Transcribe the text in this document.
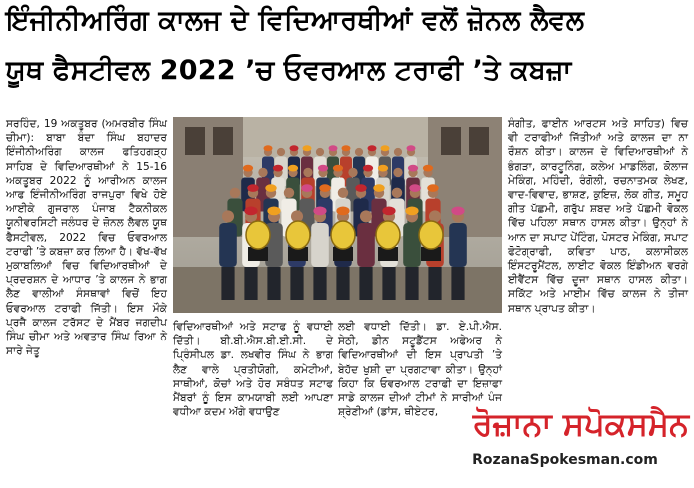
ਇੰਜੀਨੀਅਰਿੰਗ ਕਾਲਜ ਦੇ ਵਿਦਿਆਰਥੀਆਂ ਵਲੋਂ ਜ਼ੋਨਲ ਲੈਵਲ
ਯੂਥ ਫੈਸਟੀਵਲ 2022 ’ਚ ਓਵਰਆਲ ਟਰਾਫੀ ’ਤੇ ਕਬਜ਼ਾ

ਸਰਹਿੰਦ, 19 ਅਕਤੂਬਰ (ਅਮਰਬੀਰ ਸਿੰਘ ਚੀਮਾ): ਬਾਬਾ ਬੰਦਾ ਸਿੰਘ ਬਹਾਦਰ ਇੰਜੀਨੀਅਰਿੰਗ ਕਾਲਜ ਫਤਿਹਗੜ੍ਹ ਸਾਹਿਬ ਦੇ ਵਿਦਿਆਰਥੀਆਂ ਨੇ 15-16 ਅਕਤੂਬਰ 2022 ਨੂੰ ਆਰੀਅਨ ਕਾਲਜ ਆਫ ਇੰਜੀਨੀਅਰਿੰਗ ਰਾਜਪੁਰਾ ਵਿਖੇ ਹੋਏ ਆਈਕੇ ਗੁਜਰਾਲ ਪੰਜਾਬ ਟੈਕਨੀਕਲ ਯੂਨੀਵਰਸਿਟੀ ਜਲੰਧਰ ਦੇ ਜ਼ੋਨਲ ਲੈਵਲ ਯੂਥ ਫੈਸਟੀਵਲ, 2022 ਵਿਚ ਓਵਰਆਲ ਟਰਾਫੀ ’ਤੇ ਕਬਜ਼ਾ ਕਰ ਲਿਆ ਹੈ। ਵੱਖ-ਵੱਖ ਮੁਕਾਬਲਿਆਂ ਵਿਚ ਵਿਦਿਆਰਥੀਆਂ ਦੇ ਪ੍ਰਦਰਸ਼ਨ ਦੇ ਆਧਾਰ ’ਤੇ ਕਾਲਜ ਨੇ ਭਾਗ ਲੈਣ ਵਾਲੀਆਂ ਸੰਸਥਾਵਾਂ ਵਿਚੋਂ ਇਹ ਓਵਰਆਲ ਟਰਾਫੀ ਜਿੱਤੀ। ਇਸ ਮੌਕੇ ਪ੍ਰਜੈ ਕਾਲਜ ਟਰੱਸਟ ਦੇ ਮੈਂਬਰ ਜਗਦੀਪ ਸਿੰਘ ਚੀਮਾ ਅਤੇ ਅਵਤਾਰ ਸਿੰਘ ਰਿਆ ਨੇ ਸਾਰੇ ਜੇਤੂ

ਵਿਦਿਆਰਥੀਆਂ ਅਤੇ ਸਟਾਫ ਨੂੰ ਵਧਾਈ ਦਿੱਤੀ। ਬੀ.ਬੀ.ਐਸ.ਬੀ.ਈ.ਸੀ. ਦੇ ਪ੍ਰਿੰਸੀਪਲ ਡਾ. ਲਖਵੀਰ ਸਿੰਘ ਨੇ ਭਾਗ ਲੈਣ ਵਾਲੇ ਪ੍ਰਤੀਯੋਗੀ, ਕਮੇਟੀਆਂ, ਸਾਥੀਆਂ, ਕੋਚਾਂ ਅਤੇ ਹੋਰ ਸਬੰਧਤ ਸਟਾਫ ਮੈਂਬਰਾਂ ਨੂੰ ਇਸ ਕਾਮਯਾਬੀ ਲਈ ਆਪਣਾ ਵਧੀਆ ਕਦਮ ਅੱਗੇ ਵਧਾਉਣ

ਲਈ ਵਧਾਈ ਦਿੱਤੀ। ਡਾ. ਏ.ਪੀ.ਐਸ. ਸੇਠੀ, ਡੀਨ ਸਟੂਡੈਂਟਸ ਅਫੇਅਰ ਨੇ ਵਿਦਿਆਰਥੀਆਂ ਦੀ ਇਸ ਪ੍ਰਾਪਤੀ ’ਤੇ ਬੇਹੱਦ ਖੁਸ਼ੀ ਦਾ ਪ੍ਰਗਟਾਵਾ ਕੀਤਾ। ਉਨ੍ਹਾਂ ਕਿਹਾ ਕਿ ਓਵਰਆਲ ਟਰਾਫੀ ਦਾ ਇਜ਼ਾਫਾ ਸਾਡੇ ਕਾਲਜ ਦੀਆਂ ਟੀਮਾਂ ਨੇ ਸਾਰੀਆਂ ਪੰਜ ਸ਼੍ਰੇਣੀਆਂ (ਡਾਂਸ, ਥੀਏਟਰ,

ਸੰਗੀਤ, ਫਾਈਨ ਆਰਟਸ ਅਤੇ ਸਾਹਿਤ) ਵਿਚ ਵੀ ਟਰਾਫੀਆਂ ਜਿੱਤੀਆਂ ਅਤੇ ਕਾਲਜ ਦਾ ਨਾ ਰੌਸ਼ਨ ਕੀਤਾ। ਕਾਲਜ ਦੇ ਵਿਦਿਆਰਥੀਆਂ ਨੇ ਭੰਗੜਾ, ਕਾਰਟੂਨਿੰਗ, ਕਲੇਅ ਮਾਡਲਿੰਗ, ਕੋਲਾਜ ਮੇਕਿੰਗ, ਮਹਿੰਦੀ, ਰੰਗੋਲੀ, ਰਚਨਾਤਮਕ ਲੇਖਣ, ਵਾਦ-ਵਿਵਾਦ, ਭਾਸ਼ਣ, ਕੁਇਜ਼, ਲੋਕ ਗੀਤ, ਸਮੂਹ ਗੀਤ ਪੱਛਮੀ, ਗਰੁੱਪ ਸ਼ਬਦ ਅਤੇ ਪੱਛਮੀ ਵੋਕਲ ਵਿੱਚ ਪਹਿਲਾ ਸਥਾਨ ਹਾਸਲ ਕੀਤਾ। ਉਨ੍ਹਾਂ ਨੇ ਆਨ ਦਾ ਸਪਾਟ ਪੇਂਟਿੰਗ, ਪੋਸਟਰ ਮੇਕਿੰਗ, ਸਪਾਟ ਫੋਟੋਗ੍ਰਾਫੀ, ਕਵਿਤਾ ਪਾਠ, ਕਲਾਸੀਕਲ ਇੰਸਟਰੂਮੈਂਟਲ, ਲਾਈਟ ਵੋਕਲ ਇੰਡੀਅਨ ਵਰਗੇ ਈਵੈਂਟਸ ਵਿੱਚ ਦੂਜਾ ਸਥਾਨ ਹਾਸਲ ਕੀਤਾ। ਸਕਿੱਟ ਅਤੇ ਮਾਈਮ ਵਿੱਚ ਕਾਲਜ ਨੇ ਤੀਜਾ ਸਥਾਨ ਪ੍ਰਾਪਤ ਕੀਤਾ।

ਰੋਜ਼ਾਨਾ ਸਪੋਕਸਮੈਨ
RozanaSpokesman.com
